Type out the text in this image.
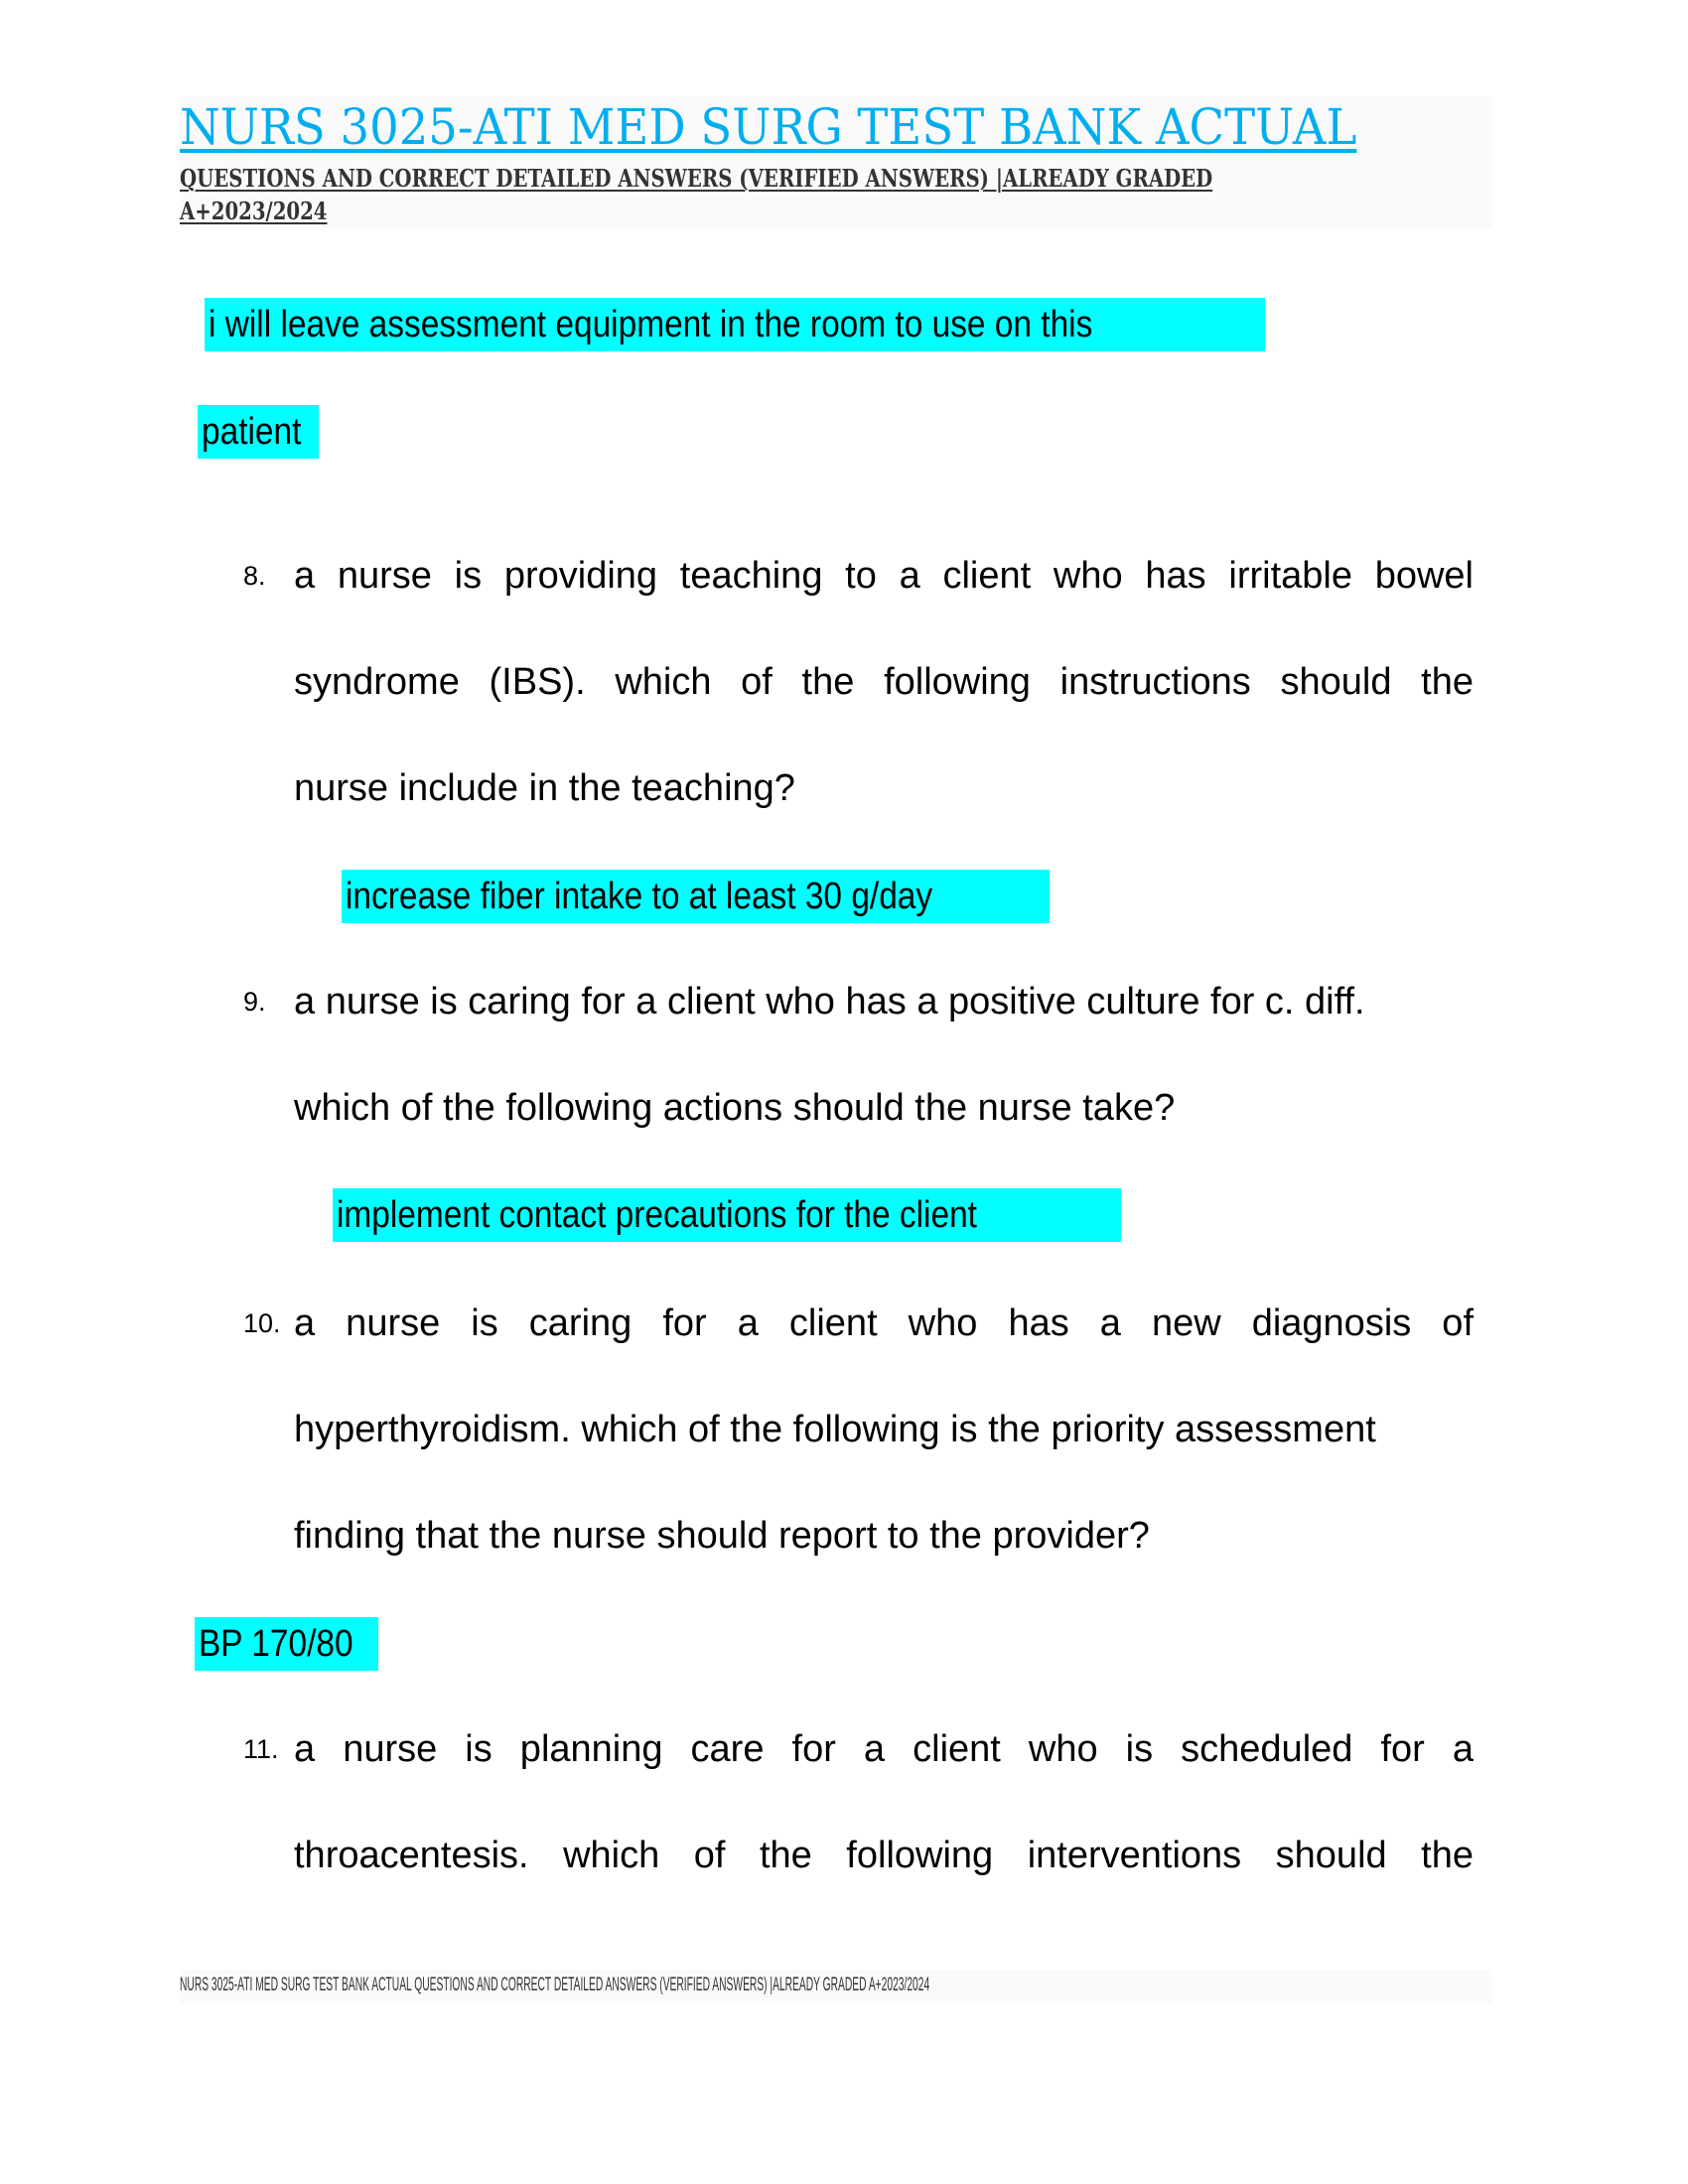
NURS 3025-ATI MED SURG TEST BANK ACTUAL

QUESTIONS AND CORRECT DETAILED ANSWERS (VERIFIED ANSWERS) |ALREADY GRADED A+2023/2024

i will leave assessment equipment in the room to use on this
patient
8. a nurse is providing teaching to a client who has irritable bowel
syndrome (IBS). which of the following instructions should the
nurse include in the teaching?
increase fiber intake to at least 30 g/day
9. a nurse is caring for a client who has a positive culture for c. diff.
which of the following actions should the nurse take?
implement contact precautions for the client
10. a nurse is caring for a client who has a new diagnosis of
hyperthyroidism. which of the following is the priority assessment
finding that the nurse should report to the provider?
BP 170/80
11. a nurse is planning care for a client who is scheduled for a
throacentesis. which of the following interventions should the
NURS 3025-ATI MED SURG TEST BANK ACTUAL QUESTIONS AND CORRECT DETAILED ANSWERS (VERIFIED ANSWERS) |ALREADY GRADED A+2023/2024
